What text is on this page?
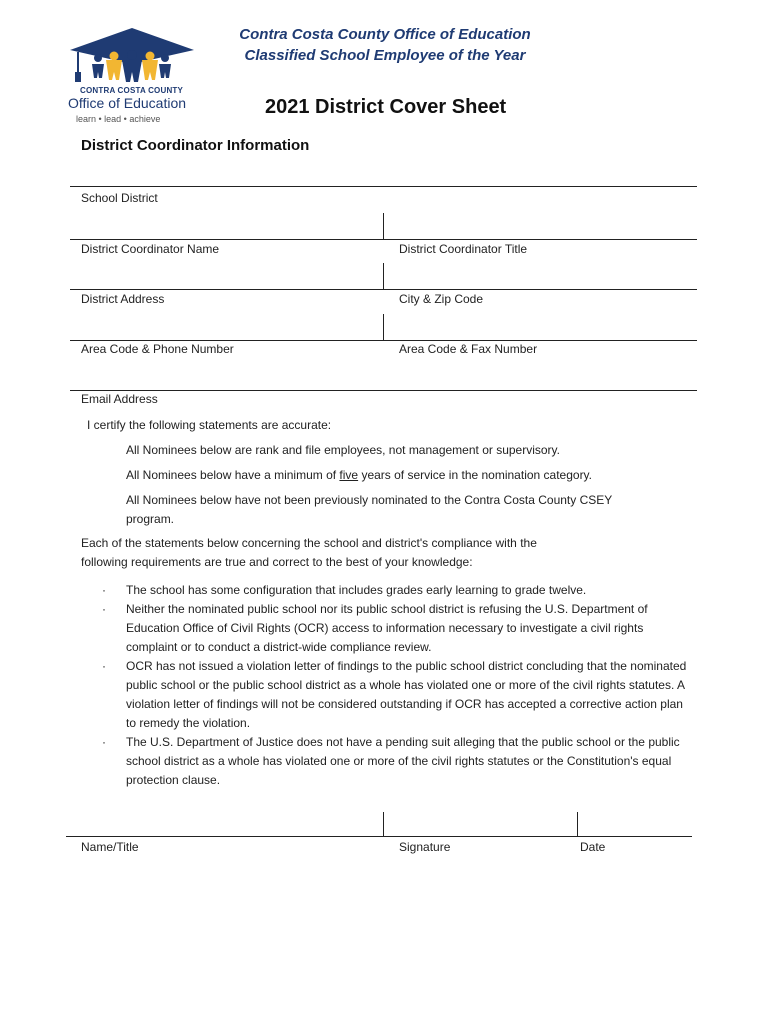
CONTRA COSTA COUNTY
Office of Education
learn • lead • achieve
Contra Costa County Office of Education
Classified School Employee of the Year
2021 District Cover Sheet
District Coordinator Information
School District
District Coordinator Name	District Coordinator Title
District Address	City & Zip Code
Area Code & Phone Number	Area Code & Fax Number
Email Address
I certify the following statements are accurate:
All Nominees below are rank and file employees, not management or supervisory.
All Nominees below have a minimum of five years of service in the nomination category.
All Nominees below have not been previously nominated to the Contra Costa County CSEY program.
Each of the statements below concerning the school and district's compliance with the following requirements are true and correct to the best of your knowledge:
· The school has some configuration that includes grades early learning to grade twelve.
· Neither the nominated public school nor its public school district is refusing the U.S. Department of Education Office of Civil Rights (OCR) access to information necessary to investigate a civil rights complaint or to conduct a district-wide compliance review.
· OCR has not issued a violation letter of findings to the public school district concluding that the nominated public school or the public school district as a whole has violated one or more of the civil rights statutes. A violation letter of findings will not be considered outstanding if OCR has accepted a corrective action plan to remedy the violation.
· The U.S. Department of Justice does not have a pending suit alleging that the public school or the public school district as a whole has violated one or more of the civil rights statutes or the Constitution's equal protection clause.
Name/Title	Signature	Date
